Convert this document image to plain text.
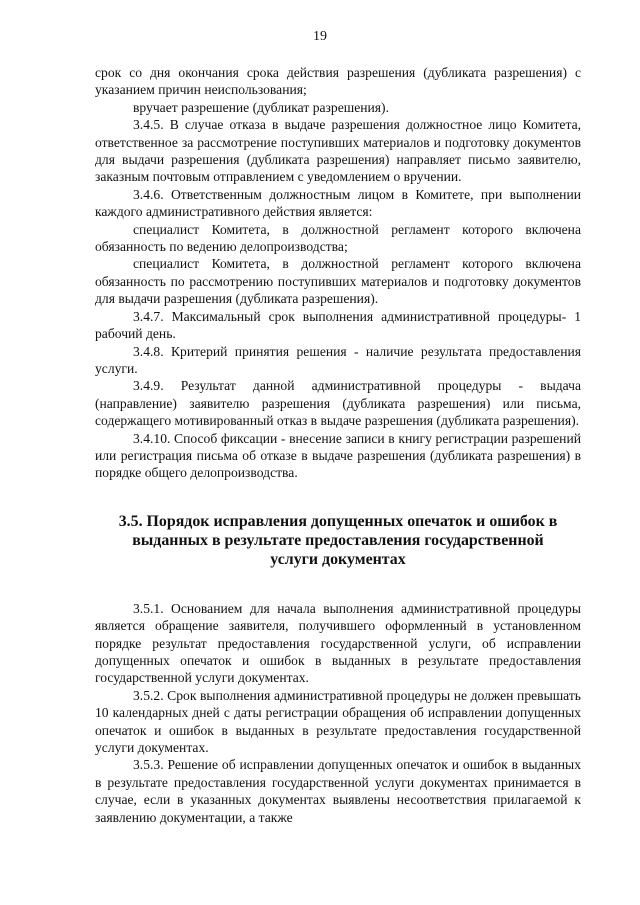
19

срок со дня окончания срока действия разрешения (дубликата разрешения) с указанием причин неиспользования;

вручает разрешение (дубликат разрешения).

3.4.5. В случае отказа в выдаче разрешения должностное лицо Комитета, ответственное за рассмотрение поступивших материалов и подготовку документов для выдачи разрешения (дубликата разрешения) направляет письмо заявителю, заказным почтовым отправлением с уведомлением о вручении.

3.4.6. Ответственным должностным лицом в Комитете, при выполнении каждого административного действия является:

специалист Комитета, в должностной регламент которого включена обязанность по ведению делопроизводства;

специалист Комитета, в должностной регламент которого включена обязанность по рассмотрению поступивших материалов и подготовку документов для выдачи разрешения (дубликата разрешения).

3.4.7. Максимальный срок выполнения административной процедуры- 1 рабочий день.

3.4.8. Критерий принятия решения - наличие результата предоставления услуги.

3.4.9. Результат данной административной процедуры - выдача (направление) заявителю разрешения (дубликата разрешения) или письма, содержащего мотивированный отказ в выдаче разрешения (дубликата разрешения).

3.4.10. Способ фиксации - внесение записи в книгу регистрации разрешений или регистрация письма об отказе в выдаче разрешения (дубликата разрешения) в порядке общего делопроизводства.

3.5. Порядок исправления допущенных опечаток и ошибок в выданных в результате предоставления государственной услуги документах

3.5.1. Основанием для начала выполнения административной процедуры является обращение заявителя, получившего оформленный в установленном порядке результат предоставления государственной услуги, об исправлении допущенных опечаток и ошибок в выданных в результате предоставления государственной услуги документах.

3.5.2. Срок выполнения административной процедуры не должен превышать 10 календарных дней с даты регистрации обращения об исправлении допущенных опечаток и ошибок в выданных в результате предоставления государственной услуги документах.

3.5.3. Решение об исправлении допущенных опечаток и ошибок в выданных в результате предоставления государственной услуги документах принимается в случае, если в указанных документах выявлены несоответствия прилагаемой к заявлению документации, а также
